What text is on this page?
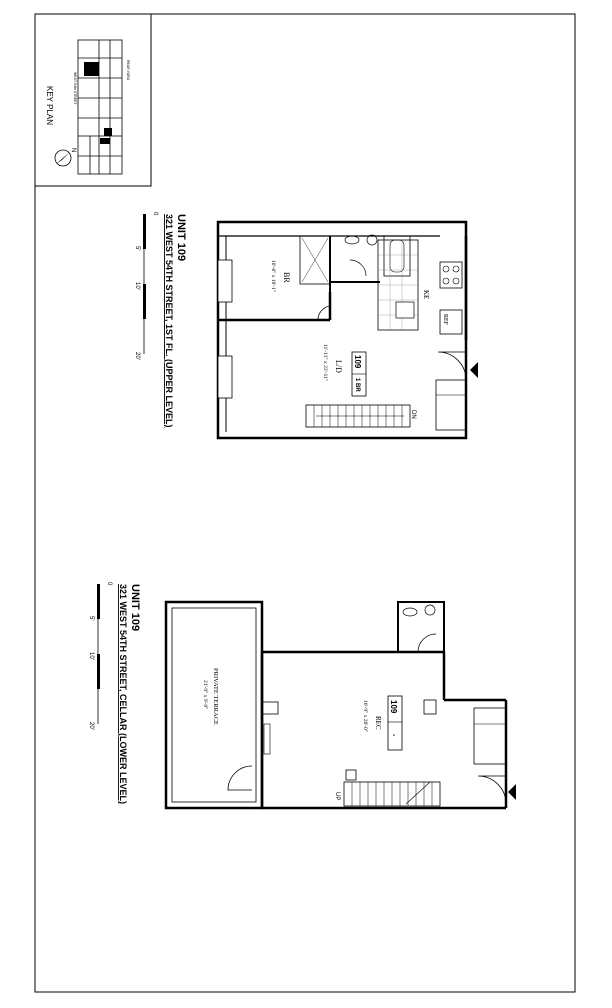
WEST 54th STREET
REAR YARD
KEY PLAN
N
REF
DN
BR
10'-8" x 10'-1"
L/D
11'-11" x 23'-11"
KE
109
1 BR
UNIT 109
321 WEST 54TH STREET, 1ST FL. (UPPER LEVEL)
0
5'
10'
20'
PRIVATE TERRACE
21'-9" x 9'-0"
UP
REC
16'-9" x 20'-0"	109
-
UNIT 109
321 WEST 54TH STREET, CELLAR (LOWER LEVEL)
0
5'
10'
20'
